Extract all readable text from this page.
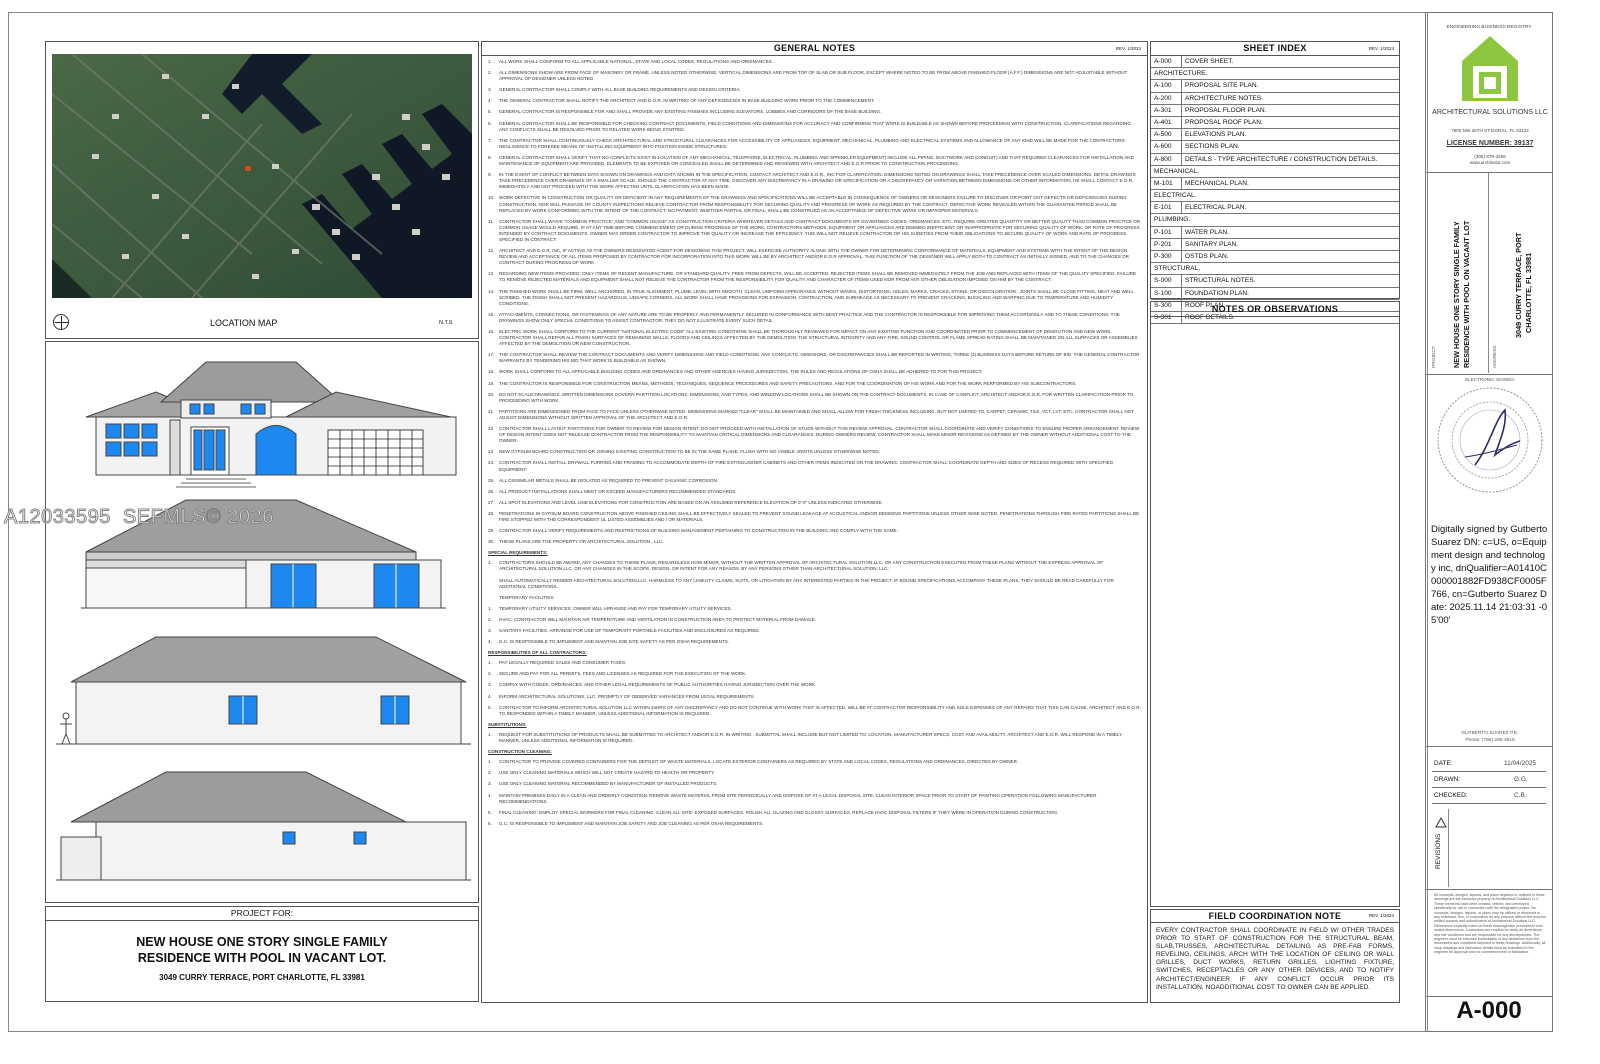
LOCATION MAP	N.T.S
PROJECT FOR:
NEW HOUSE ONE STORY SINGLE FAMILY
RESIDENCE WITH POOL IN VACANT LOT.
3049 CURRY TERRACE, PORT CHARLOTTE, FL 33981
GENERAL NOTES	REV. 1/2024
1.	ALL WORK SHALL CONFORM TO ALL APPLICABLE NATIONAL, STATE AND LOCAL CODES, REGULATIONS AND ORDINANCES.
2.	ALL DIMENSIONS SHOW ARE FROM FACE OF MASONRY OR FRAME, UNLESS NOTED OTHERWISE. VERTICAL DIMENSIONS ARE FROM TOP OF SLAB OR SUB FLOOR, EXCEPT WHERE NOTED TO BE FROM ABOVE FINISHED FLOOR (A.F.F.) DIMENSIONS ARE NOT ADJUSTABLE WITHOUT APPROVAL OF DESIGNER UNLESS NOTED.
3.	GENERAL CONTRACTOR SHALL COMPLY WITH ALL BASE BUILDING REQUIREMENTS AND DESIGN CRITERIA.
4.	THE GENERAL CONTRACTOR SHALL NOTIFY THE ARCHITECT AND E.O.R. IN WRITING OF ANY DEFICIENCIES IN BASE BUILDING WORK PRIOR TO THE COMMENCEMENT.
5.	GENERAL CONTRACTOR IS RESPONSIBLE FOR AND SHALL PROVIDE ANY EXISTING FINISHES INCLUDING ELEVATORS, LOBBIES AND CORRIDORS OF THE BASE BUILDING.
6.	GENERAL CONTRACTOR SHALL BE RESPONSIBLE FOR CHECKING CONTRACT DOCUMENTS, FIELD CONDITIONS AND DIMENSIONS FOR ACCURACY AND CONFIRMING THAT WORK IS BUILDABLE AS SHOWN BEFORE PROCEEDING WITH CONSTRUCTION. CLARIFICATIONS REGARDING ANY CONFLICTS SHALL BE RESOLVED PRIOR TO RELATED WORK BEING STARTED.
7.	THE CONTRACTOR SHALL CONTINUOUSLY CHECK ARCHITECTURAL AND STRUCTURAL CLEARANCES FOR ACCESSIBILITY OF APPLIANCES, EQUIPMENT, MECHANICAL, PLUMBING AND ELECTRICAL SYSTEMS AND ALLOWANCE OF ANY KIND WILL BE MADE FOR THE CONTRACTORS NEGLIGENCE TO FORESEE MEANS OF INSTALLING EQUIPMENT INTO POSITION INSIDE STRUCTURES.
8.	GENERAL CONTRACTOR SHALL VERIFY THAT NO CONFLICTS EXIST IN LOCATION OF ANY MECHANICAL, TELEPHONE, ELECTRICAL, PLUMBING AND SPRINKLER EQUIPMENT) INCLUDE ALL PIPING, DUCTWORK AND CONDUIT) AND THAT REQUIRED CLEARANCES FOR INSTALLATION AND MAINTENANCE OF EQUIPMENT ARE PROVIDED. ELEMENTS TO BE EXPOSED OR CONCEALED SHALL BE DETERMINED AND REVIEWED WITH ARCHITECT AND E.O.R PRIOR TO CONSTRUCTION PROCEEDING.
9.	IN THE EVENT OF CONFLICT BETWEEN DATA SHOWN ON DRAWINGS AND DATA SHOWN IN THE SPECIFICATION, CONTACT ARCHITECT AND E.O.R., INC FOR CLARIFICATION. DIMENSIONS NOTED ON DRAWINGS SHALL TAKE PRECEDENCE OVER SCALED DIMENSIONS. DETAIL DRAWINGS TAKE PRECEDENCE OVER DRAWINGS OF A SMALLER SCALE. SHOULD THE CONTRACTOR AT ANY TIME, DISCOVER ANY DISCREPANCY IN A DRAWING OR SPECIFICATION OR A DISCREPANCY OR VARIATION BETWEEN DIMENSIONS OR OTHER INFORMATION, HE SHALL CONTACT E.O.R. IMMEDIATELY AND NOT PROCEED WITH THE WORK AFFECTED UNTIL CLARIFICATION HAS BEEN MADE.
10.	WORK DEFECTIVE IN CONSTRUCTION OR QUALITY OR DEFICIENT IN ANY REQUIREMENTS OF THE DRAWINGS AND SPECIFICATIONS WILL BE ACCEPTABLE IN CONSEQUENCE OF OWNERS OR DESIGNERS FAILURE TO DISCOVER OR POINT OUT DEFECTS OR DEFICIENCIES DURING CONSTRUCTION, NOR WILL PASSAGE OF COUNTY INSPECTIONS RELIEVE CONTRACTOR FROM RESPONSIBILITY FOR SECURING QUALITY AND PROGRESS OF WORK AS REQUIRED BY THE CONTRACT. DEFECTIVE WORK REVEALED WITHIN THE GUARANTEE PERIOD SHALL BE REPLACED BY WORK CONFORMING WITH THE INTENT OF THE CONTRACT. NO PAYMENT, WHETHER PARTIAL OR FINAL, SHALL BE CONSTRUED AS AN ACCEPTANCE OF DEFECTIVE WORK OR IMPROPER MATERIALS.
11.	CONTRACTOR SHALL WAIVE "COMMON PRACTICE" AND "COMMON USAGE" AS CONSTRUCTION CRITERIA WHEREVER DETAILS AND CONTRACT DOCUMENTS OR GOVERNING CODES, ORDINANCES, ETC. REQUIRE GREATER QUANTITY OR BETTER QUALITY THAN COMMON PRACTICE OR COMMON USAGE WOULD REQUIRE. IF AT ANY TIME BEFORE COMMENCEMENT OR DURING PROGRESS OF THE WORK, CONTRACTORS METHODS, EQUIPMENT OR APPLIANCES ARE DEEMED INEFFICIENT OR INAPPROPRIATE FOR SECURING QUALITY OF WORK, OR RATE OF PROGRESS INTENDED BY CONTRACT DOCUMENTS. OWNER MAY ORDER CONTRACTOR TO IMPROVE THE QUALITY OR INCREASE THE EFFICIENCY. THIS WILL NOT RELIEVE CONTRACTOR OR HIS SURETIES FROM THEIR OBLIGATIONS TO SECURE QUALITY OF WORK AND RATE OF PROGRESS SPECIFIED IN CONTRACT.
12.	ARCHITECT AND E.O.R, INC, IF ACTING AS THE OWNERS DESIGNATED AGENT FOR DESIGNING THIS PROJECT, WILL EXERCISE AUTHORITY ALONG WITH THE OWNER FOR DETERMINING CONFORMANCE OF MATERIALS, EQUIPMENT AND SYSTEMS WITH THE INTENT OF THE DESIGN. REVIEW AND ACCEPTANCE OF ALL ITEMS PROPOSED BY CONTRACTOR FOR INCORPORATION INTO THIS WORK WILL BE BY ARCHITECT AND/OR E.O.R APPROVAL. THIS FUNCTION OF THE DESIGNER WILL APPLY BOTH TO CONTRACT AS INITIALLY SIGNED, AND TO THE CHANGES OR CONTRACT DURING PROGRESS OF WORK.
13.	REGARDING NEW ITEMS PROVIDED: ONLY ITEMS OF RECENT MANUFACTURE, OR STANDARD QUALITY, FREE FROM DEFECTS, WILL BE ACCEPTED. REJECTED ITEMS SHALL BE REMOVED IMMEDIATELY FROM THE JOB AND REPLACED WITH ITEMS OF THE QUALITY SPECIFIED. FAILURE TO REMOVE REJECTED MATERIALS AND EQUIPMENT SHALL NOT RELIEVE THE CONTRACTOR FROM THE RESPONSIBILITY FOR QUALITY AND CHARACTER OF ITEMS USED NOR FROM ANY OTHER OBLIGATION IMPOSED ON HIM BY THE CONTRACT.
14.	THE FINISHED WORK SHALL BE FIRM, WELL ANCHORED, IN TRUE ALIGNMENT, PLUMB, LEVEL WITH SMOOTH, CLEAN, UNIFORM APPEARANCE WITHOUT WAVES, DISTORTIONS, HOLES, MARKS, CRACKS, STAINS, OR DISCOLORATION . JOINTS SHALL BE CLOSE FITTING, NEAT AND WELL SCRIBED. THE FINISH SHALL NOT PRESENT HAZARDOUS, UNSAFE CORNERS. ALL WORK SHALL HAVE PROVISIONS FOR EXPANSION, CONTRACTION, AND SHRINKAGE AS NECESSARY TO PREVENT CRACKING, BUCKLING AND WARPING DUE TO TEMPERATURE AND HUMIDITY CONDITIONS.
15.	ATTACHMENTS, CONNECTIONS, OR FASTENINGS OF ANY NATURE ARE TO BE PROPERLY AND PERMANENTLY SECURED IN CONFORMANCE WITH BEST PRACTICE AND THE CONTRACTOR IS RESPONSIBLE FOR IMPROVING THEM ACCORDINGLY AND TO THESE CONDITIONS. THE DRAWINGS SHOW ONLY SPECIAL CONDITIONS TO ASSIST CONTRACTOR; THEY DO NOT ILLUSTRATE EVERY SUCH DETAIL.
16.	ELECTRIC WORK SHALL CONFORM TO THE CURRENT "NATIONAL ELECTRIC CODE" ALL EXISTING CONDITIONS SHALL BE THOROUGHLY REVIEWED FOR IMPACT ON ANY EXISTING FUNCTION AND COORDINATED PRIOR TO COMMENCEMENT OF DEMOLITION AND NEW WORK. CONTRACTOR SHALL REPAIR ALL FINISH SURFACES OF REMAINING WALLS, FLOORS AND CEILINGS AFFECTED BY THE DEMOLITION. THE STRUCTURAL INTEGRITY AND ANY FIRE, SOUND CONTROL OR FLAME SPREAD RATING SHALL BE MAINTAINED ON ALL SURFACES OR ASSEMBLIES AFFECTED BY THE DEMOLITION OR NEW CONSTRUCTION.
17.	THE CONTRACTOR SHALL REVIEW THE CONTRACT DOCUMENTS AND VERIFY DIMENSIONS AND FIELD CONDITIONS. ANY CONFLICTS, OMISSIONS, OR DISCREPANCIES SHALL BE REPORTED IN WRITING, THREE (3) BUSINESS DAYS BEFORE RETURN OF BID. THE GENERAL CONTRACTOR WARRANTS BY TENDERING HIS BID THAT WORK IS BUILDABLE AS SHOWN.
18.	WORK SHALL CONFORM TO ALL APPLICABLE BUILDING CODES AND ORDINANCES AND OTHER AGENCIES HAVING JURISDICTION. THE RULES AND REGULATIONS OF OSHA SHALL BE ADHERED TO FOR THIS PROJECT.
19.	THE CONTRACTOR IS RESPONSIBLE FOR CONSTRUCTION MEANS, METHODS, TECHNIQUES, SEQUENCE PROCEDURES AND SAFETY PRECAUTIONS, AND FOR THE COORDINATION OF HIS WORK AND FOR THE WORK PERFORMED BY HIS SUBCONTRACTORS.
20.	DO NOT SCALE DRAWINGS. WRITTEN DIMENSIONS GOVERN PARTITION LOCATIONS, DIMENSIONS, AND TYPES, AND WINDOW LOCATIONS SHALL BE SHOWN ON THE CONTRACT DOCUMENTS. IN CASE OF CONFLICT, ARCHITECT AND/OR E.O.R. FOR WRITTEN CLARIFICATION PRIOR TO PROCEEDING WITH WORK.
21.	PARTITIONS ARE DIMENSIONED FROM FACE TO FACE UNLESS OTHERWISE NOTED. DIMENSIONS MARKED "CLEAR" SHALL BE MAINTAINED AND SHALL ALLOW FOR FINISH THICKNESS INCLUDING, BUT NOT LIMITED TO, CARPET, CERAMIC TILE, VCT, LVT, ETC. CONTRACTOR SHALL NOT ADJUST DIMENSIONS WITHOUT WRITTEN APPROVAL OF THE ARCHITECT AND E.O.R.
22.	CONTRACTOR SHALL LAYOUT PARTITIONS FOR OWNER TO REVIEW FOR DESIGN INTENT. DO NOT PROCEED WITH INSTALLATION OF STUDS WITHOUT THIS REVIEW APPROVAL. CONTRACTOR SHALL COORDINATE AND VERIFY CONDITIONS TO ENSURE PROPER ARRANGEMENT. REVIEW OF DESIGN INTENT DOES NOT RELEASE CONTRACTOR FROM THE RESPONSIBILITY TO MAINTAIN CRITICAL DIMENSIONS AND CLEARANCES. DURING OWNERS REVIEW, CONTRACTOR SHALL MAKE MINOR REVISIONS AS DEFINED BY THE OWNER WITHOUT ADDITIONAL COST TO THE OWNER.
23.	NEW GYPSUM BOARD CONSTRUCTION OR JOINING EXISTING CONSTRUCTION TO BE IN THE SAME PLANE, FLUSH WITH NO VISIBLE JOINTS UNLESS OTHERWISE NOTED.
24.	CONTRACTOR SHALL INSTALL DRYWALL FURRING AND FRAMING TO ACCOMMODATE DEPTH OF FIRE EXTINGUISHER CABINETS AND OTHER ITEMS INDICATED ON THE DRAWING. CONTRACTOR SHALL COORDINATE DEPTH AND SIZES OF RECESS REQUIRED WITH SPECIFIED EQUIPMENT.
25.	ALL DISSIMILAR METALS SHALL BE ISOLATED AS REQUIRED TO PREVENT GALVANIC CORROSION.
26.	ALL PRODUCT INSTALLATIONS SHALL MEET OR EXCEED MANUFACTURERS RECOMMENDED STANDARDS.
27.	ALL SPOT ELEVATIONS AND LEVEL LINE ELEVATIONS FOR CONSTRUCTION ARE BASED ON AN ASSUMED REFERENCE ELEVATION OF 0'-0" UNLESS INDICATED OTHERWISE.
28.	PENETRATIONS IN GYPSUM BOARD CONSTRUCTION ABOVE FINISHED CEILING SHALL BE EFFECTIVELY SEALED TO PREVENT SOUND LEAKAGE AT ACOUSTICAL AND/OR DEMISING PARTITIONS UNLESS OTHER WISE NOTED. PENETRATIONS THROUGH FIRE RATED PARTITIONS SHALL BE FIRE STOPPED WITH THE CORRESPONDENT UL LISTED ASSEMBLIES AND / OR MATERIALS.
29.	CONTRACTOR SHALL VERIFY REQUIREMENTS AND RESTRICTIONS OF BUILDING MANAGEMENT PERTAINING TO CONSTRUCTION IN THE BUILDING AND COMPLY WITH THE SAME.
30.	THESE PLANS ARE THE PROPERTY OR ARCHITECTURAL SOLUTION , LLC.
SPECIAL REQUIREMENTS:
1.	CONTRACTORS SHOULD BE AWARE, ANY CHANGES TO THESE PLANS, REGARDLESS HOW MINOR, WITHOUT THE WRITTEN APPROVAL OF ARCHITECTURAL SOLUTION,LLC. OR ANY CONSTRUCTION EXECUTED FROM THESE PLANS WITHOUT THE EXPRESS APPROVAL OF ARCHITECTURAL SOLUTION,LLC. OR ANY CHANGES IN THE SCOPE, DESIGN, OR INTENT FOR ANY REASON, BY ANY PERSONS OTHER THAN ARCHITECTURAL SOLUTION, LLC.
SHALL AUTOMATICALLY RENDER ARCHITECTURAL SOLUTION,LLC. HARMLESS TO ANY LIABILITY CLAIMS, SUITS, OR LITIGATION BY ANY INTERESTED PARTIES IN THE PROJECT. IF BOUND SPECIFICATIONS ACCOMPANY THESE PLANS, THEY SHOULD BE READ CAREFULLY FOR ADDITIONAL CONDITIONS.
TEMPORARY FACILITIES.
1.	TEMPORARY UTILITY SERVICES: OWNER WILL ARRANGE AND PAY FOR TEMPORARY UTILITY SERVICES.
2.	HVAC: CONTRACTOR WILL MAINTAIN AIR TEMPERATURE AND VENTILATION IN CONSTRUCTION AREA TO PROTECT MATERIAL FROM DAMAGE.
3.	SANITARY FACILITIES: ARRANGE FOR USE OF TEMPORARY PORTABLE FACILITIES AND ENCLOSURES AS REQUIRED.
4.	G.C. IS RESPONSIBLE TO IMPLEMENT AND MAINTAIN JOB SITE SAFETY AS PER OSHA REQUIREMENTS.
RESPONSIBILITIES OF ALL CONTRACTORS:
1.	PAY LEGALLY REQUIRED SALES AND CONSUMER TAXES.
2.	SECURE AND PAY FOR ALL PERMITS, FEES AND LICENSES AS REQUIRED FOR THE EXECUTION OF THE WORK.
3.	COMPLY WITH CODES, ORDINANCES, AND OTHER LEGAL REQUIREMENTS OF PUBLIC AUTHORITIES HAVING JURISDICTION OVER THE WORK.
4.	INFORM ARCHITECTURAL SOLUTIONS, LLC. PROMPTLY OF OBSERVED VARIANCES FROM LEGAL REQUIREMENTS.
5.	CONTRACTOR TO INFORM ARCHITECTURAL SOLUTION LLC WITHIN 24HRS OF ANY DISCREPANCY AND DO NOT CONTINUE WITH WORK THAT IS AFFECTED. WILL BE AT CONTRACTOR RESPONSIBILITY AND SOLE EXPENSES OF ANY REPAIRS THAT THIS CAN CAUSE. ARCHITECT AND E.O.R. TO RESPONDED WITHIN A TIMELY MANNER, UNLESS ADDITIONAL INFORMATION IS REQUIRED.
SUBSTITUTIONS:
1.	REQUEST FOR SUBSTITUTIONS OF PRODUCTS SHALL BE SUBMITTED TO ARCHITECT AND/OR E.O.R. IN WRITING . SUBMITTAL SHALL INCLUDE BUT NOT LIMITED TO: LOCATION, MANUFACTURER SPECS, COST AND AVAILABILITY. ARCHITECT AND E.O.R. WILL RESPOND IN A TIMELY MANNER, UNLESS ADDITIONAL INFORMATION IS REQUIRED.
CONSTRUCTION CLEANING:
1.	CONTRACTOR TO PROVIDE COVERED CONTAINERS FOR THE DEPOSIT OF WASTE MATERIALS. LOCATE EXTERIOR CONTAINERS AS REQUIRED BY STATE AND LOCAL CODES, REGULATIONS AND ORDINANCES, DIRECTED BY OWNER.
2.	USE ONLY CLEANING MATERIALS WHICH WILL NOT CREATE HAZARD TO HEALTH OR PROPERTY.
3.	USE ONLY CLEANING MATERIAL RECOMMENDED BY MANUFACTURER OF INSTALLED PRODUCTS.
4.	MAINTAIN PREMISES DAILY IN A CLEAN AND ORDERLY CONDITION. REMOVE WASTE MATERIAL FROM SITE PERIODICALLY AND DISPOSE OF AT A LEGAL DISPOSAL SITE. CLEAN INTERIOR SPACE PRIOR TO START OF PAINTING OPERATION FOLLOWING MANUFACTURER RECOMMENDATIONS.
5.	FINAL CLEANING: EMPLOY SPECIAL WORKERS FOR FINAL CLEANING. CLEAN ALL SITE- EXPOSED SURFACES. POLISH ALL GLAZING AND GLOSSY SURFACES. REPLACE HVAC DISPOSAL FILTERS IF THEY WERE IN OPERATION DURING CONSTRUCTION.
6.	G.C. IS RESPONSIBLE TO IMPLEMENT AND MAINTAIN JOB SAFETY AND JOB CLEANING AS PER OSHA REQUIREMENTS.
SHEET INDEX	REV. 1/2024
A-000	COVER SHEET.
ARCHITECTURE.
A-100	PROPOSAL SITE PLAN.
A-200	ARCHITECTURE NOTES.
A-301	PROPOSAL FLOOR PLAN.
A-401	PROPOSAL ROOF PLAN.
A-500	ELEVATIONS PLAN.
A-600	SECTIONS PLAN.
A-800	DETAILS - TYPE ARCHITECTURE / CONSTRUCTION DETAILS.
MECHANICAL.
M-101	MECHANICAL PLAN.
ELECTRICAL.
E-101	ELECTRICAL PLAN.
PLUMBING.
P-101	WATER PLAN.
P-201	SANITARY PLAN.
P-300	OSTDS PLAN.
STRUCTURAL.
S-000	STRUCTURAL NOTES.
S-100	FOUNDATION PLAN.
S-300	ROOF PLAN.
S-301	ROOF DETAILS.
NOTES OR OBSERVATIONS
FIELD COORDINATION NOTE	REV. 1/2024
EVERY CONTRACTOR SHALL COORDINATE IN FIELD W/ OTHER TRADES PRIOR TO START OF CONSTRUCTION FOR THE STRUCTURAL BEAM, SLAB,TRUSSES, ARCHITECTURAL DETAILING AS PRE-FAB FORMS, REVELING, CEILINGS, ARCH WITH THE LOCATION OF CEILING OR WALL GRILLES, DUCT WORKS, RETURN GRILLES, LIGHTING FIXTURE, SWITCHES, RECEPTACLES OR ANY OTHER DEVICES, AND TO NOTIFY ARCHITECT/ENGINEER IF ANY CONFLICT OCCUR PRIOR ITS INSTALLATION, NOADDITIONAL COST TO OWNER CAN BE APPLIED.
ENGINEERING BUSINESS REGISTRY
ARCHITECTURAL SOLUTIONS LLC
7500 NW 25TH ST DORAL, FL 33122
LICENSE NUMBER: 39137
(305) 878-3266
www.archisolut.com
PROJECT: NEW HOUSE ONE STORY SINGLE FAMILY RESIDENCE WITH POOL ON VACANT LOT	ADDRESS:
3049 CURRY TERRACE, PORT CHARLOTTE, FL 33981
ELECTRONIC SIGNED:
Digitally signed by Gutberto Suarez DN: c=US, o=Equipment design and technology inc, dnQualifier=A01410C000001882FD938CF0005F766, cn=Gutberto Suarez Date: 2025.11.14 21:03:31 -05'00'
GUTBERTO SUAREZ P.E.
Phone: (786) 285-3615
DATE:	11/04/2025
DRAWN:	G.G.
CHECKED:	C.B.
REVISIONS
All concepts, designs, layouts, and plans depicted or outlined in these drawings are the exclusive property of Architectural Solutions LLC. These elements have been created, refined, and developed specifically for use in connection with the designated project. No concepts, designs, layouts, or plans may be utilized or disclosed to any individual, firm, or corporation for any purpose without the express written consent and authorization of Architectural Solutions LLC. Dimensions explicitly noted on these drawings take precedence over scaled dimensions. Contractors are required to verify all dimensions and site conditions and are responsible for any discrepancies. The engineer must be informed immediately of any deviations from the dimensions and conditions depicted in these drawings. Additionally, all shop drawings and fabrication details must be submitted to the engineer for approval prior to commencement of fabrication.
A-000
A12033595  SEFMLS© 2026
